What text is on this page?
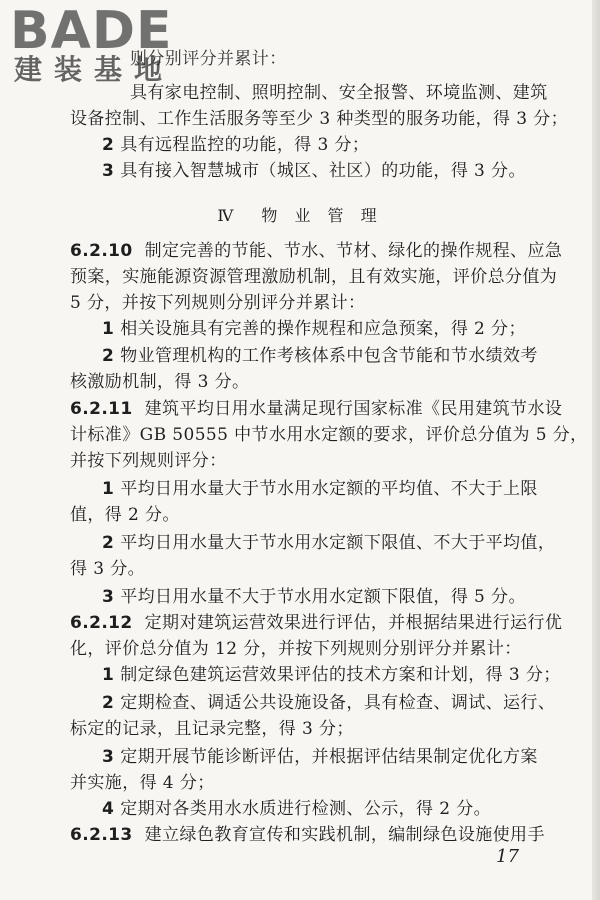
BADE
建装基地
则分别评分并累计：
具有家电控制、照明控制、安全报警、环境监测、建筑
设备控制、工作生活服务等至少 3 种类型的服务功能，得 3 分；
2 具有远程监控的功能，得 3 分；
3 具有接入智慧城市（城区、社区）的功能，得 3 分。
Ⅳ　物 业 管 理
6.2.10 制定完善的节能、节水、节材、绿化的操作规程、应急
预案，实施能源资源管理激励机制，且有效实施，评价总分值为
5 分，并按下列规则分别评分并累计：
1 相关设施具有完善的操作规程和应急预案，得 2 分；
2 物业管理机构的工作考核体系中包含节能和节水绩效考
核激励机制，得 3 分。
6.2.11 建筑平均日用水量满足现行国家标准《民用建筑节水设
计标准》GB 50555 中节水用水定额的要求，评价总分值为 5 分，
并按下列规则评分：
1 平均日用水量大于节水用水定额的平均值、不大于上限
值，得 2 分。
2 平均日用水量大于节水用水定额下限值、不大于平均值，
得 3 分。
3 平均日用水量不大于节水用水定额下限值，得 5 分。
6.2.12 定期对建筑运营效果进行评估，并根据结果进行运行优
化，评价总分值为 12 分，并按下列规则分别评分并累计：
1 制定绿色建筑运营效果评估的技术方案和计划，得 3 分；
2 定期检查、调适公共设施设备，具有检查、调试、运行、
标定的记录，且记录完整，得 3 分；
3 定期开展节能诊断评估，并根据评估结果制定优化方案
并实施，得 4 分；
4 定期对各类用水水质进行检测、公示，得 2 分。
6.2.13 建立绿色教育宣传和实践机制，编制绿色设施使用手
17
